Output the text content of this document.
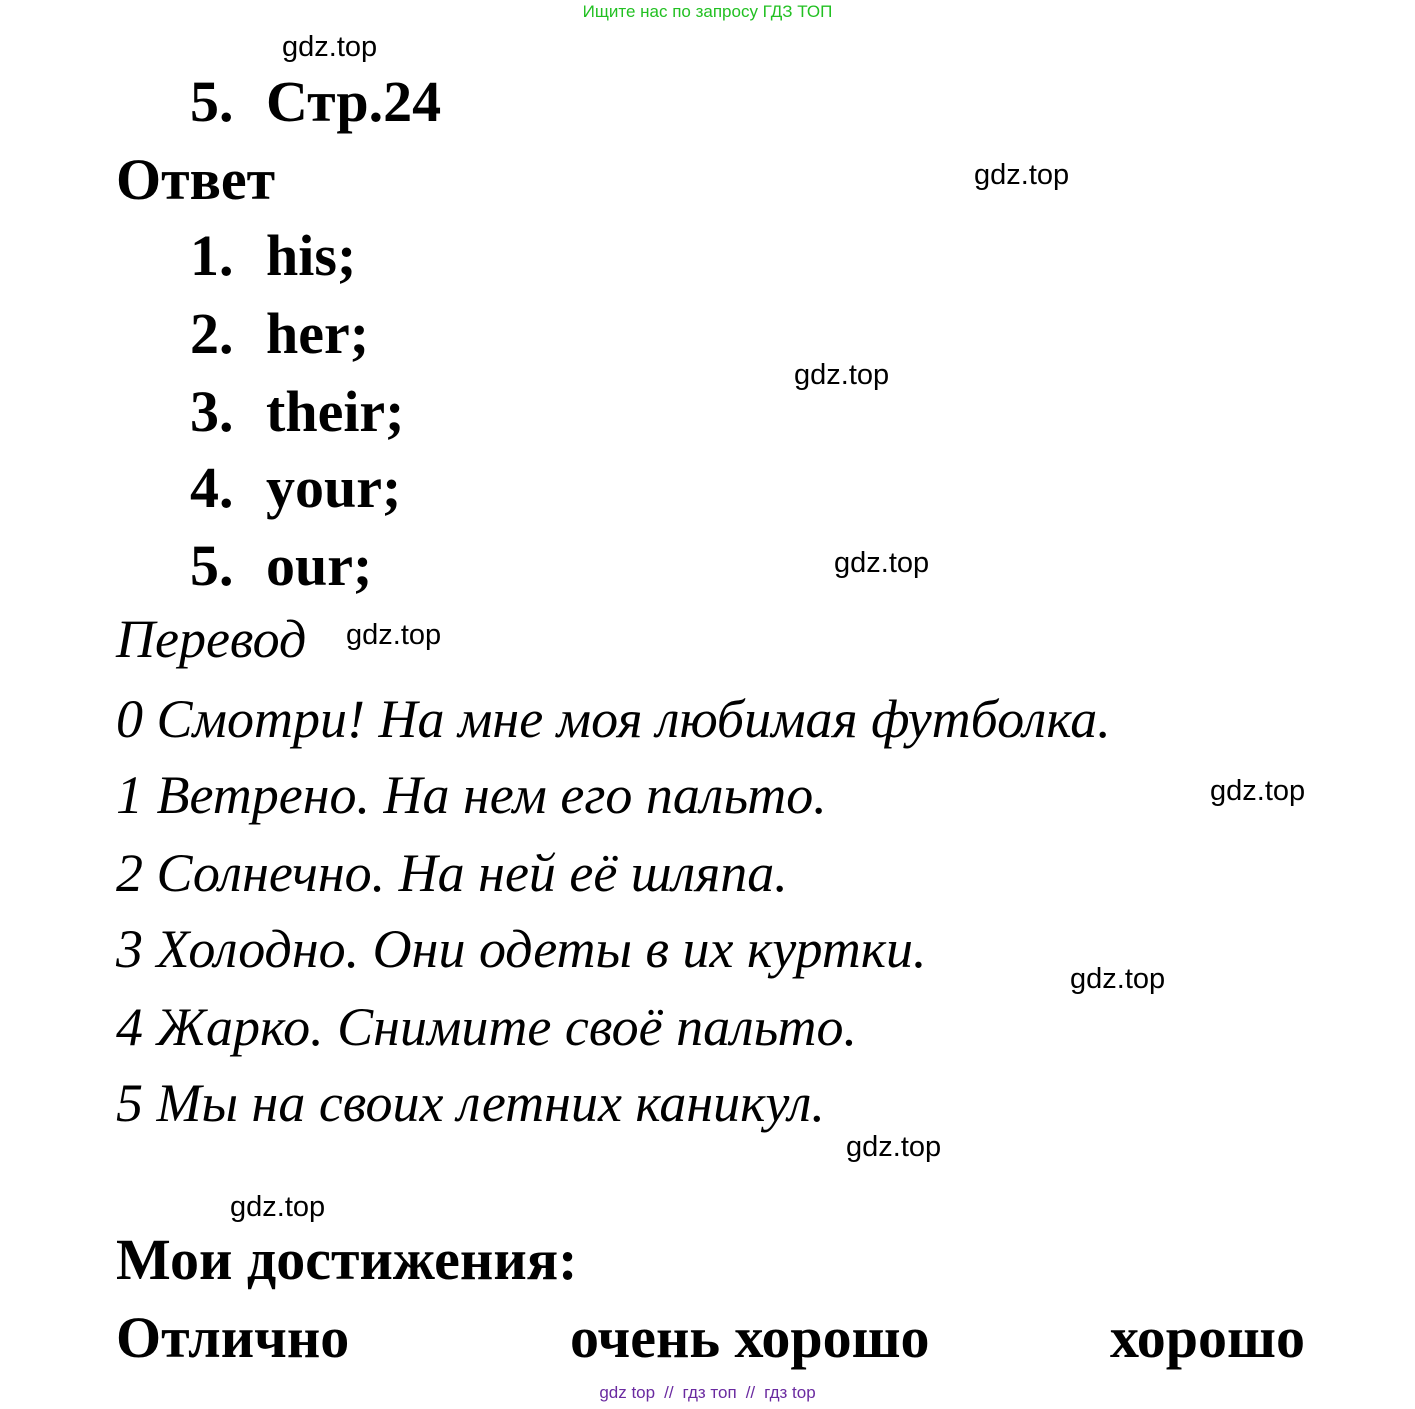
Ищите нас по запросу ГДЗ ТОП
gdz.top
gdz.top
gdz.top
gdz.top
gdz.top
gdz.top
gdz.top
gdz.top
gdz.top
5. Стр.24
Ответ
1. his;
2. her;
3. their;
4. your;
5. our;
Перевод
0 Смотри! На мне моя любимая футболка.
1 Ветрено. На нем его пальто.
2 Солнечно. На ней её шляпа.
3 Холодно. Они одеты в их куртки.
4 Жарко. Снимите своё пальто.
5 Мы на своих летних каникул.
Мои достижения:
Отлично	очень хорошо	хорошо
gdz top // гдз топ // гдз top
